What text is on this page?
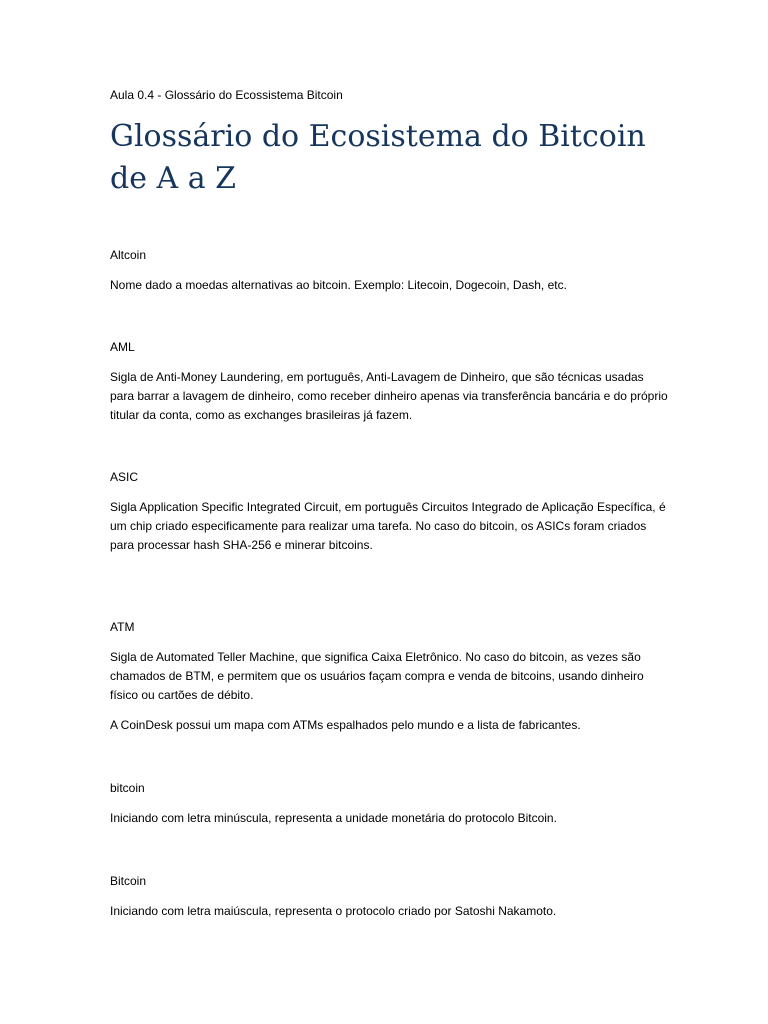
Aula 0.4 - Glossário do Ecossistema Bitcoin
Glossário do Ecosistema do Bitcoin de A a Z
Altcoin

Nome dado a moedas alternativas ao bitcoin. Exemplo: Litecoin, Dogecoin, Dash, etc.

AML

Sigla de Anti-Money Laundering, em português, Anti-Lavagem de Dinheiro, que são técnicas usadas para barrar a lavagem de dinheiro, como receber dinheiro apenas via transferência bancária e do próprio titular da conta, como as exchanges brasileiras já fazem.

ASIC

Sigla Application Specific Integrated Circuit, em português Circuitos Integrado de Aplicação Específica, é um chip criado especificamente para realizar uma tarefa. No caso do bitcoin, os ASICs foram criados para processar hash SHA-256 e minerar bitcoins.

ATM

Sigla de Automated Teller Machine, que significa Caixa Eletrônico. No caso do bitcoin, as vezes são chamados de BTM, e permitem que os usuários façam compra e venda de bitcoins, usando dinheiro físico ou cartões de débito.

A CoinDesk possui um mapa com ATMs espalhados pelo mundo e a lista de fabricantes.

bitcoin

Iniciando com letra minúscula, representa a unidade monetária do protocolo Bitcoin.

Bitcoin

Iniciando com letra maiúscula, representa o protocolo criado por Satoshi Nakamoto.
